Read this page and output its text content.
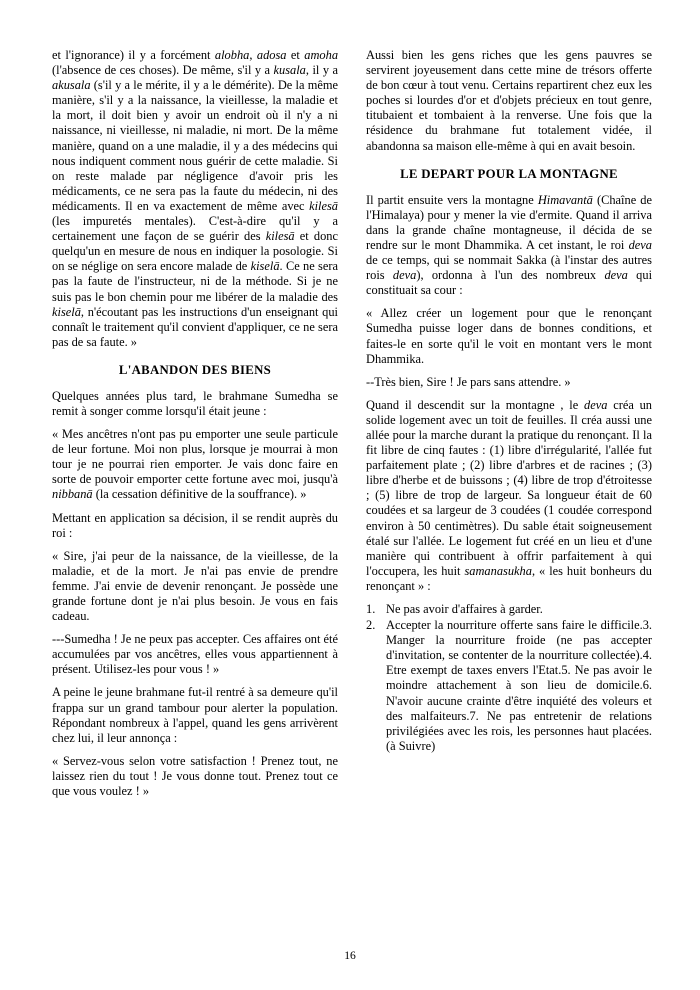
et l'ignorance) il y a forcément alobha, adosa et amoha (l'absence de ces choses). De même, s'il y a kusala, il y a akusala (s'il y a le mérite, il y a le démérite). De la même manière, s'il y a la naissance, la vieillesse, la maladie et la mort, il doit bien y avoir un endroit où il n'y a ni naissance, ni vieillesse, ni maladie, ni mort. De la même manière, quand on a une maladie, il y a des médecins qui nous indiquent comment nous guérir de cette maladie. Si on reste malade par négligence d'avoir pris les médicaments, ce ne sera pas la faute du médecin, ni des médicaments. Il en va exactement de même avec kilesā (les impuretés mentales). C'est-à-dire qu'il y a certainement une façon de se guérir des kilesā et donc quelqu'un en mesure de nous en indiquer la posologie. Si on se néglige on sera encore malade de kiselā. Ce ne sera pas la faute de l'instructeur, ni de la méthode. Si je ne suis pas le bon chemin pour me libérer de la maladie des kiselā, n'écoutant pas les instructions d'un enseignant qui connaît le traitement qu'il convient d'appliquer, ce ne sera pas de sa faute. »

L'ABANDON DES BIENS

Quelques années plus tard, le brahmane Sumedha se remit à songer comme lorsqu'il était jeune :

« Mes ancêtres n'ont pas pu emporter une seule particule de leur fortune. Moi non plus, lorsque je mourrai à mon tour je ne pourrai rien emporter. Je vais donc faire en sorte de pouvoir emporter cette fortune avec moi, jusqu'à nibbanā (la cessation définitive de la souffrance). »

Mettant en application sa décision, il se rendit auprès du roi :

« Sire, j'ai peur de la naissance, de la vieillesse, de la maladie, et de la mort. Je n'ai pas envie de prendre femme. J'ai envie de devenir renonçant. Je possède une grande fortune dont je n'ai plus besoin. Je vous en fais cadeau.

---Sumedha ! Je ne peux pas accepter. Ces affaires ont été accumulées par vos ancêtres, elles vous appartiennent à présent. Utilisez-les pour vous ! »

A peine le jeune brahmane fut-il rentré à sa demeure qu'il frappa sur un grand tambour pour alerter la population. Répondant nombreux à l'appel, quand les gens arrivèrent chez lui, il leur annonça :

« Servez-vous selon votre satisfaction ! Prenez tout, ne laissez rien du tout ! Je vous donne tout. Prenez tout ce que vous voulez ! »

Aussi bien les gens riches que les gens pauvres se servirent joyeusement dans cette mine de trésors offerte de bon cœur à tout venu. Certains repartirent chez eux les poches si lourdes d'or et d'objets précieux en tout genre, titubaient et tombaient à la renverse. Une fois que la résidence du brahmane fut totalement vidée, il abandonna sa maison elle-même à qui en avait besoin.

LE DEPART POUR LA MONTAGNE

Il partit ensuite vers la montagne Himavantā (Chaîne de l'Himalaya) pour y mener la vie d'ermite. Quand il arriva dans la grande chaîne montagneuse, il décida de se rendre sur le mont Dhammika. A cet instant, le roi deva de ce temps, qui se nommait Sakka (à l'instar des autres rois deva), ordonna à l'un des nombreux deva qui constituait sa cour :

« Allez créer un logement pour que le renonçant Sumedha puisse loger dans de bonnes conditions, et faites-le en sorte qu'il le voit en montant vers le mont Dhammika.

--Très bien, Sire ! Je pars sans attendre. »

Quand il descendit sur la montagne , le deva créa un solide logement avec un toit de feuilles. Il créa aussi une allée pour la marche durant la pratique du renonçant. Il la fit libre de cinq fautes : (1) libre d'irrégularité, l'allée fut parfaitement plate ; (2) libre d'arbres et de racines ; (3) libre d'herbe et de buissons ; (4) libre de trop d'étroitesse ; (5) libre de trop de largeur. Sa longueur était de 60 coudées et sa largeur de 3 coudées (1 coudée correspond environ à 50 centimètres). Du sable était soigneusement étalé sur l'allée. Le logement fut créé en un lieu et d'une manière qui contribuent à offrir parfaitement à qui l'occupera, les huit samanasukha, « les huit bonheurs du renonçant » :

1. Ne pas avoir d'affaires à garder.
2. Accepter la nourriture offerte sans faire le difficile.3. Manger la nourriture froide (ne pas accepter d'invitation, se contenter de la nourriture collectée).4. Etre exempt de taxes envers l'Etat.5. Ne pas avoir le moindre attachement à son lieu de domicile.6. N'avoir aucune crainte d'être inquiété des voleurs et des malfaiteurs.7. Ne pas entretenir de relations privilégiées avec les rois, les personnes haut placées. (à Suivre)
16
